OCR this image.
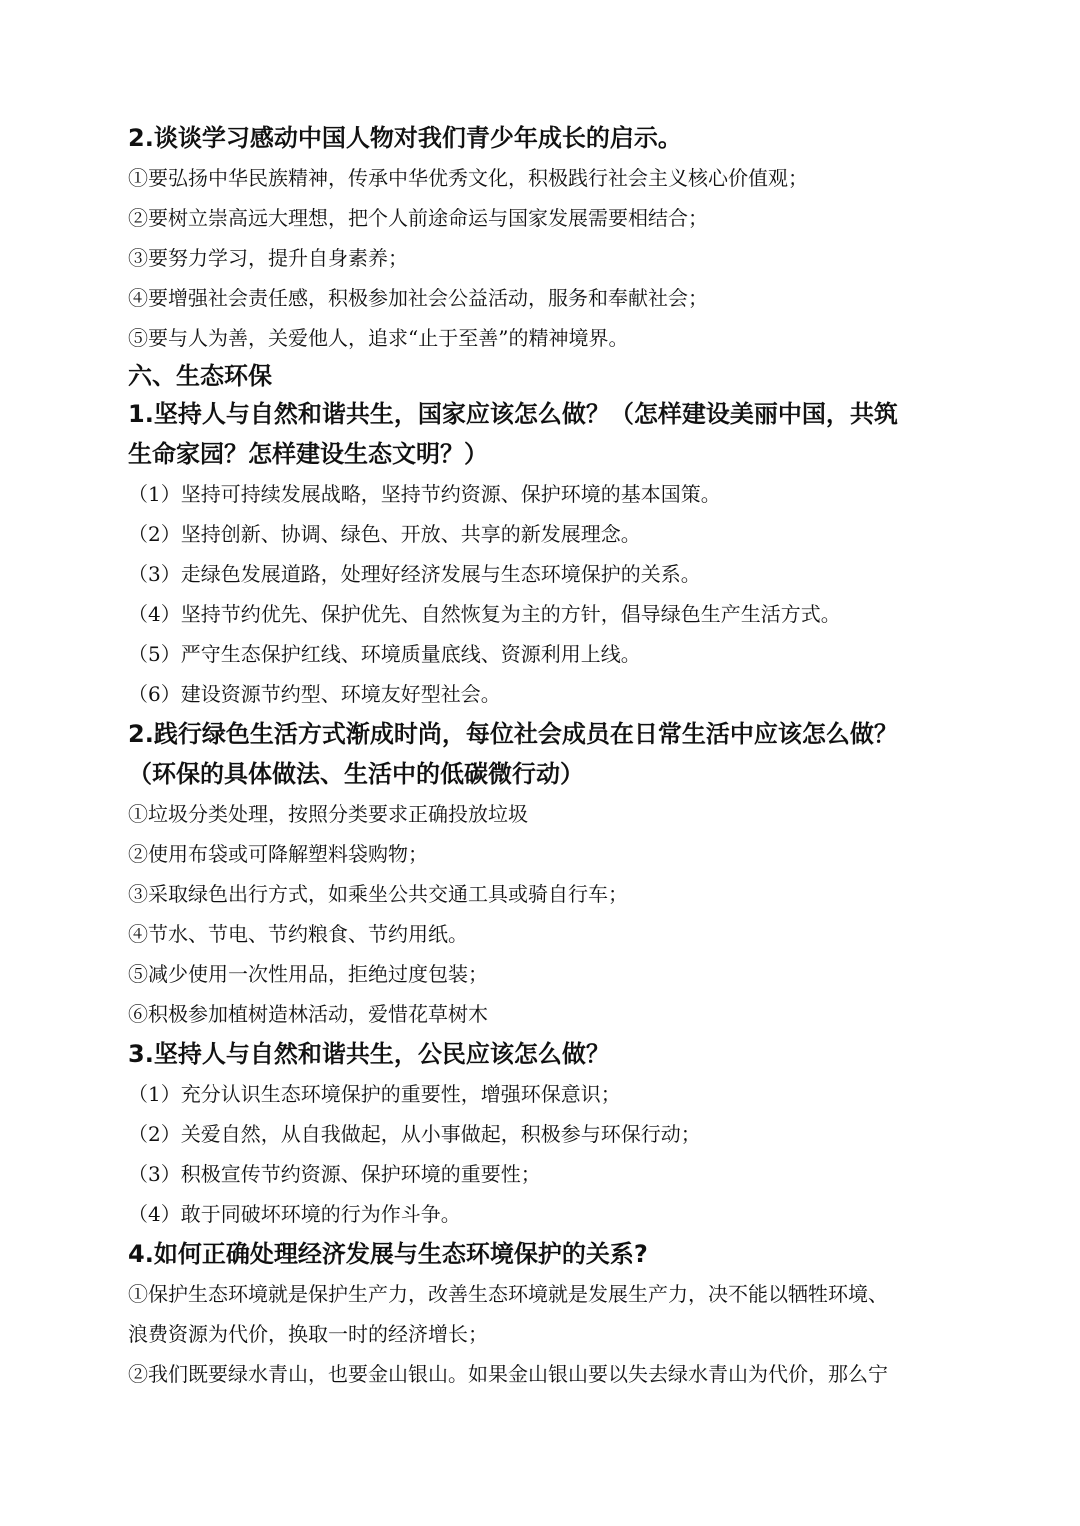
2.谈谈学习感动中国人物对我们青少年成长的启示。

①要弘扬中华民族精神，传承中华优秀文化，积极践行社会主义核心价值观；

②要树立崇高远大理想，把个人前途命运与国家发展需要相结合；

③要努力学习，提升自身素养；

④要增强社会责任感，积极参加社会公益活动，服务和奉献社会；

⑤要与人为善，关爱他人，追求“止于至善”的精神境界。

六、生态环保

1.坚持人与自然和谐共生，国家应该怎么做？（怎样建设美丽中国，共筑

生命家园？怎样建设生态文明？）

（1）坚持可持续发展战略，坚持节约资源、保护环境的基本国策。

（2）坚持创新、协调、绿色、开放、共享的新发展理念。

（3）走绿色发展道路，处理好经济发展与生态环境保护的关系。

（4）坚持节约优先、保护优先、自然恢复为主的方针，倡导绿色生产生活方式。

（5）严守生态保护红线、环境质量底线、资源利用上线。

（6）建设资源节约型、环境友好型社会。

2.践行绿色生活方式渐成时尚，每位社会成员在日常生活中应该怎么做？

（环保的具体做法、生活中的低碳微行动）

①垃圾分类处理，按照分类要求正确投放垃圾

②使用布袋或可降解塑料袋购物；

③采取绿色出行方式，如乘坐公共交通工具或骑自行车；

④节水、节电、节约粮食、节约用纸。

⑤减少使用一次性用品，拒绝过度包装；

⑥积极参加植树造林活动，爱惜花草树木

3.坚持人与自然和谐共生，公民应该怎么做？

（1）充分认识生态环境保护的重要性，增强环保意识；

（2）关爱自然，从自我做起，从小事做起，积极参与环保行动；

（3）积极宣传节约资源、保护环境的重要性；

（4）敢于同破坏环境的行为作斗争。

4.如何正确处理经济发展与生态环境保护的关系?

①保护生态环境就是保护生产力，改善生态环境就是发展生产力，决不能以牺牲环境、

浪费资源为代价，换取一时的经济增长；

②我们既要绿水青山，也要金山银山。如果金山银山要以失去绿水青山为代价，那么宁
